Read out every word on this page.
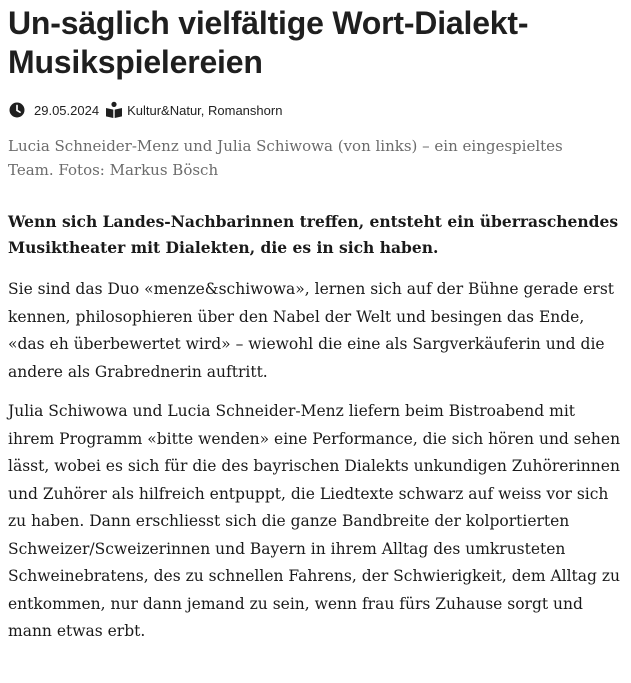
Un-säglich vielfältige Wort-Dialekt-Musikspielereien
29.05.2024 Kultur&Natur, Romanshorn

Lucia Schneider-Menz und Julia Schiwowa (von links) – ein eingespieltes Team. Fotos: Markus Bösch

Wenn sich Landes-Nachbarinnen treffen, entsteht ein überraschendes Musiktheater mit Dialekten, die es in sich haben.

Sie sind das Duo «menze&schiwowa», lernen sich auf der Bühne gerade erst kennen, philosophieren über den Nabel der Welt und besingen das Ende, «das eh überbewertet wird» – wiewohl die eine als Sargverkäuferin und die andere als Grabrednerin auftritt.

Julia Schiwowa und Lucia Schneider-Menz liefern beim Bistroabend mit ihrem Programm «bitte wenden» eine Performance, die sich hören und sehen lässt, wobei es sich für die des bayrischen Dialekts unkundigen Zuhörerinnen und Zuhörer als hilfreich entpuppt, die Liedtexte schwarz auf weiss vor sich zu haben. Dann erschliesst sich die ganze Bandbreite der kolportierten Schweizer/Scweizerinnen und Bayern in ihrem Alltag des umkrusteten Schweinebratens, des zu schnellen Fahrens, der Schwierigkeit, dem Alltag zu entkommen, nur dann jemand zu sein, wenn frau fürs Zuhause sorgt und mann etwas erbt.
